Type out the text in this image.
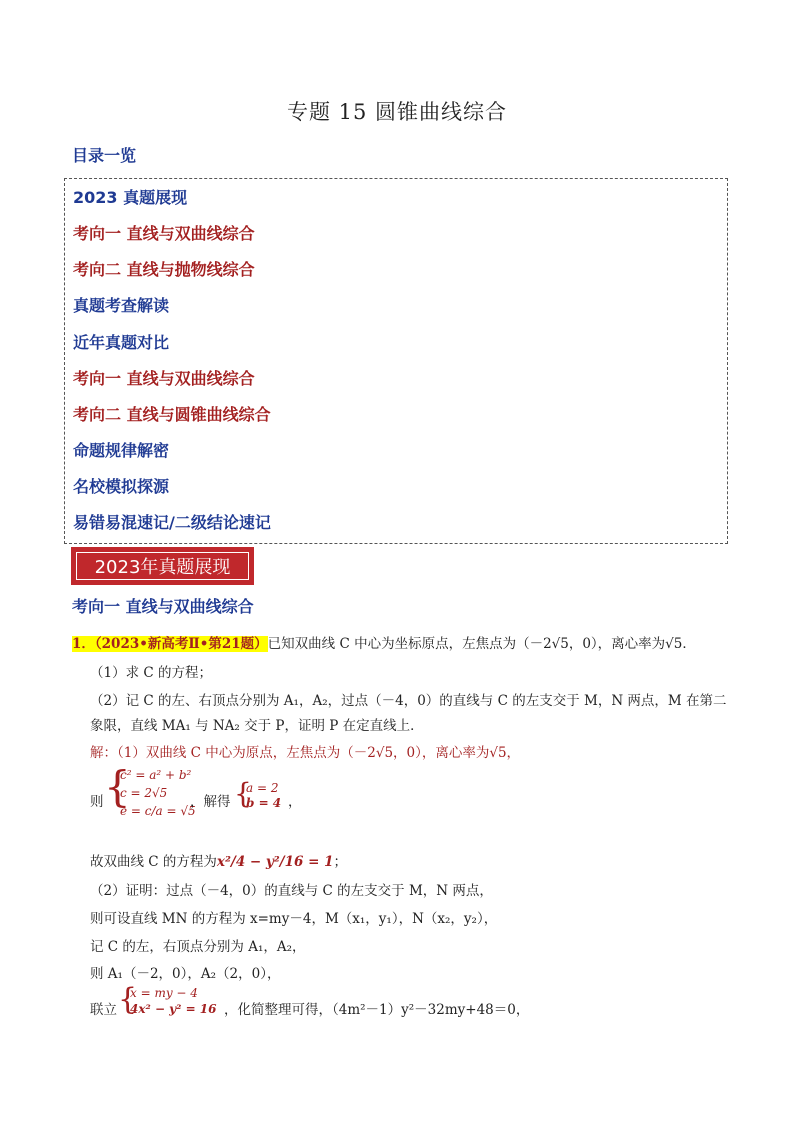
专题 15 圆锥曲线综合
目录一览
2023 真题展现
考向一 直线与双曲线综合
考向二 直线与抛物线综合
真题考查解读
近年真题对比
考向一 直线与双曲线综合
考向二 直线与圆锥曲线综合
命题规律解密
名校模拟探源
易错易混速记/二级结论速记
2023年真题展现
考向一 直线与双曲线综合
1．（2023•新高考Ⅱ•第21题）已知双曲线 C 中心为坐标原点，左焦点为（－2√5，0），离心率为√5．
（1）求 C 的方程；
（2）记 C 的左、右顶点分别为 A₁，A₂，过点（－4，0）的直线与 C 的左支交于 M，N 两点，M 在第二
象限，直线 MA₁ 与 NA₂ 交于 P，证明 P 在定直线上．
解：（1）双曲线 C 中心为原点，左焦点为（－2√5，0），离心率为√5，
则 {
c² = a² + b²
c = 2√5
e = c/a = √5
，解得 {
a = 2
b = 4 ，
故双曲线 C 的方程为x²/4 − y²/16 = 1；
（2）证明：过点（－4，0）的直线与 C 的左支交于 M，N 两点，
则可设直线 MN 的方程为 x=my－4，M（x₁，y₁），N（x₂，y₂），
记 C 的左，右顶点分别为 A₁，A₂，
则 A₁（－2，0），A₂（2，0），
联立 {
x = my − 4
4x² − y² = 16 ，化简整理可得，（4m²－1）y²－32my+48＝0，
